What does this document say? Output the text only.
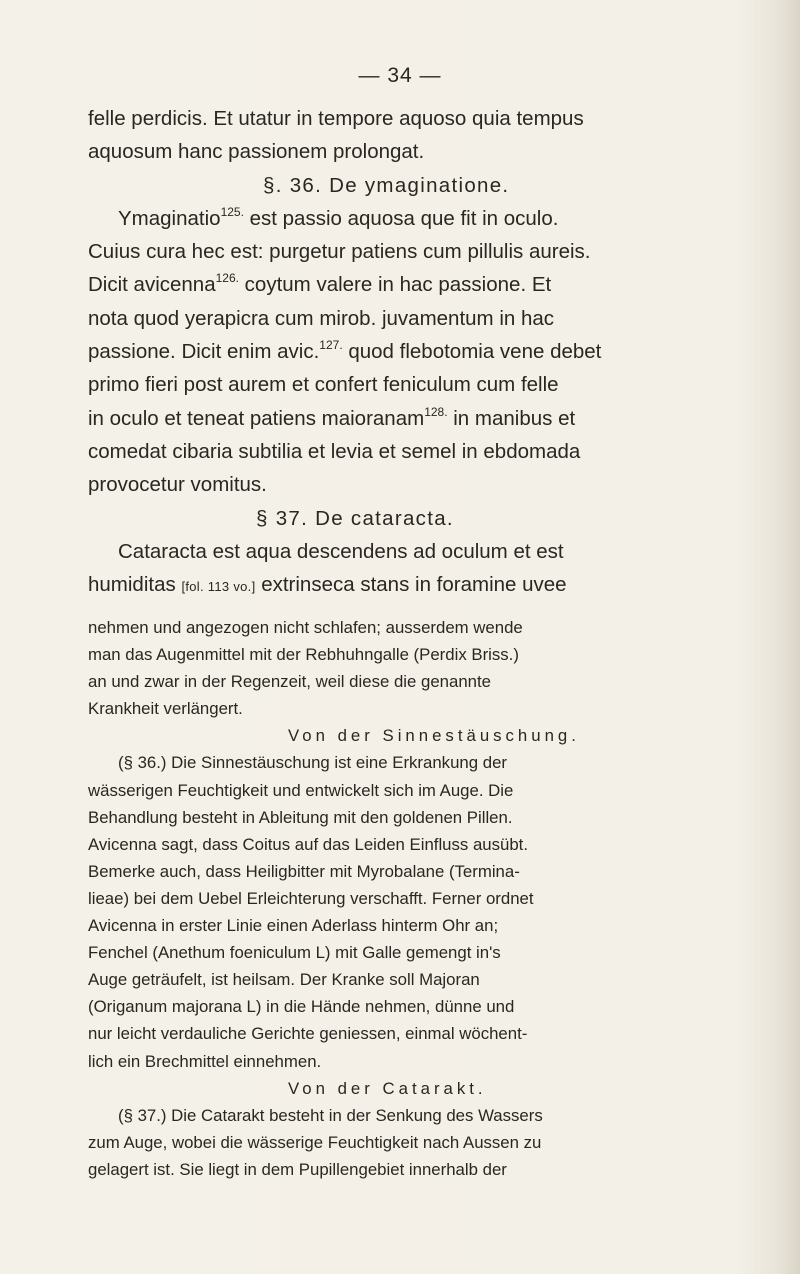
— 34 —
felle perdicis. Et utatur in tempore aquoso quia tempus
aquosum hanc passionem prolongat.
§. 36. De ymaginatione.
Ymaginatio$^{125.}$ est passio aquosa que fit in oculo.
Cuius cura hec est: purgetur patiens cum pillulis aureis.
Dicit avicenna$^{126.}$ coytum valere in hac passione. Et
nota quod yerapicra cum mirob. juvamentum in hac
passione. Dicit enim avic.$^{127.}$ quod flebotomia vene debet
primo fieri post aurem et confert feniculum cum felle
in oculo et teneat patiens maioranam$^{128.}$ in manibus et
comedat cibaria subtilia et levia et semel in ebdomada
provocetur vomitus.
§ 37. De cataracta.
Cataracta est aqua descendens ad oculum et est
humiditas [fol. 113 vo.] extrinseca stans in foramine uvee
nehmen und angezogen nicht schlafen; ausserdem wende
man das Augenmittel mit der Rebhuhngalle (Perdix Briss.)
an und zwar in der Regenzeit, weil diese die genannte
Krankheit verlängert.
Von der Sinnestäuschung.
(§ 36.) Die Sinnestäuschung ist eine Erkrankung der
wässerigen Feuchtigkeit und entwickelt sich im Auge. Die
Behandlung besteht in Ableitung mit den goldenen Pillen.
Avicenna sagt, dass Coitus auf das Leiden Einfluss ausübt.
Bemerke auch, dass Heiligbitter mit Myrobalane (Termina-
lieae) bei dem Uebel Erleichterung verschafft. Ferner ordnet
Avicenna in erster Linie einen Aderlass hinterm Ohr an;
Fenchel (Anethum foeniculum L) mit Galle gemengt in's
Auge geträufelt, ist heilsam. Der Kranke soll Majoran
(Origanum majorana L) in die Hände nehmen, dünne und
nur leicht verdauliche Gerichte geniessen, einmal wöchent-
lich ein Brechmittel einnehmen.
Von der Catarakt.
(§ 37.) Die Catarakt besteht in der Senkung des Wassers
zum Auge, wobei die wässerige Feuchtigkeit nach Aussen zu
gelagert ist. Sie liegt in dem Pupillengebiet innerhalb der
